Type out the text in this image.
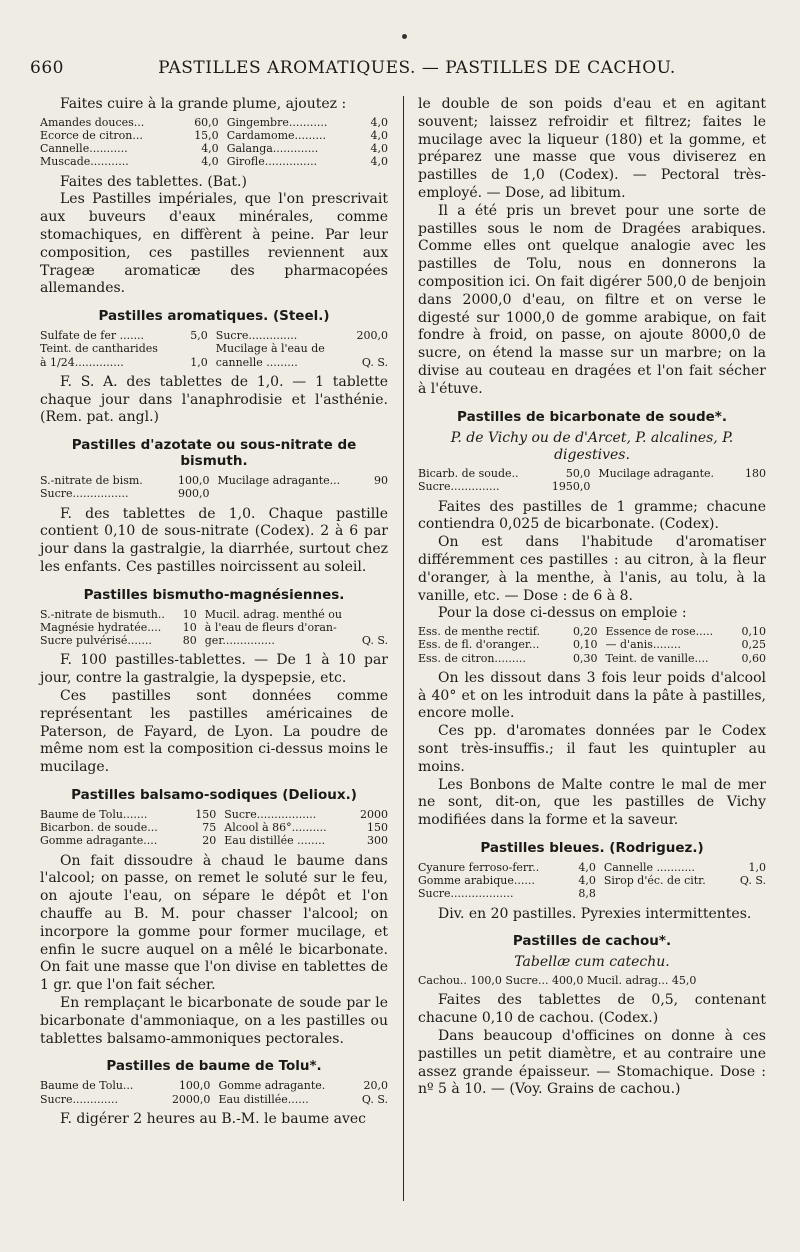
660	PASTILLES AROMATIQUES. — PASTILLES DE CACHOU.

Faites cuire à la grande plume, ajoutez :

Amandes douces...	60,0	Gingembre...........	4,0
Ecorce de citron...	15,0	Cardamome.........	4,0
Cannelle...........	4,0	Galanga.............	4,0
Muscade...........	4,0	Girofle...............	4,0

Faites des tablettes. (Bat.)

Les Pastilles impériales, que l'on prescrivait aux buveurs d'eaux minérales, comme stomachiques, en diffèrent à peine. Par leur composition, ces pastilles reviennent aux Trageæ aromaticæ des pharmacopées allemandes.

Pastilles aromatiques. (Steel.)
Sulfate de fer .......	5,0	Sucre..............	200,0
Teint. de cantharides		Mucilage à l'eau de	
à 1/24..............	1,0	cannelle .........	Q. S.

F. S. A. des tablettes de 1,0. — 1 tablette chaque jour dans l'anaphrodisie et l'asthénie. (Rem. pat. angl.)

Pastilles d'azotate ou sous-nitrate de bismuth.
S.-nitrate de bism.	100,0	Mucilage adragante...	90
Sucre................	900,0		

F. des tablettes de 1,0. Chaque pastille contient 0,10 de sous-nitrate (Codex). 2 à 6 par jour dans la gastralgie, la diarrhée, surtout chez les enfants. Ces pastilles noircissent au soleil.

Pastilles bismutho-magnésiennes.
S.-nitrate de bismuth..	10	Mucil. adrag. menthé ou	
Magnésie hydratée....	10	à l'eau de fleurs d'oran-	
Sucre pulvérisé.......	80	ger...............	Q. S.

F. 100 pastilles-tablettes. — De 1 à 10 par jour, contre la gastralgie, la dyspepsie, etc.

Ces pastilles sont données comme représentant les pastilles américaines de Paterson, de Fayard, de Lyon. La poudre de même nom est la composition ci-dessus moins le mucilage.

Pastilles balsamo-sodiques (Delioux.)
Baume de Tolu.......	150	Sucre.................	2000
Bicarbon. de soude...	75	Alcool à 86°..........	150
Gomme adragante....	20	Eau distillée ........	300

On fait dissoudre à chaud le baume dans l'alcool; on passe, on remet le soluté sur le feu, on ajoute l'eau, on sépare le dépôt et l'on chauffe au B. M. pour chasser l'alcool; on incorpore la gomme pour former mucilage, et enfin le sucre auquel on a mêlé le bicarbonate. On fait une masse que l'on divise en tablettes de 1 gr. que l'on fait sécher.

En remplaçant le bicarbonate de soude par le bicarbonate d'ammoniaque, on a les pastilles ou tablettes balsamo-ammoniques pectorales.

Pastilles de baume de Tolu*.
Baume de Tolu...	100,0	Gomme adragante.	20,0
Sucre.............	2000,0	Eau distillée......	Q. S.

F. digérer 2 heures au B.-M. le baume avec

le double de son poids d'eau et en agitant souvent; laissez refroidir et filtrez; faites le mucilage avec la liqueur (180) et la gomme, et préparez une masse que vous diviserez en pastilles de 1,0 (Codex). — Pectoral très-employé. — Dose, ad libitum.

Il a été pris un brevet pour une sorte de pastilles sous le nom de Dragées arabiques. Comme elles ont quelque analogie avec les pastilles de Tolu, nous en donnerons la composition ici. On fait digérer 500,0 de benjoin dans 2000,0 d'eau, on filtre et on verse le digesté sur 1000,0 de gomme arabique, on fait fondre à froid, on passe, on ajoute 8000,0 de sucre, on étend la masse sur un marbre; on la divise au couteau en dragées et l'on fait sécher à l'étuve.

Pastilles de bicarbonate de soude*.
P. de Vichy ou de d'Arcet, P. alcalines, P. digestives.
Bicarb. de soude..	50,0	Mucilage adragante.	180
Sucre..............	1950,0		

Faites des pastilles de 1 gramme; chacune contiendra 0,025 de bicarbonate. (Codex).

On est dans l'habitude d'aromatiser différemment ces pastilles : au citron, à la fleur d'oranger, à la menthe, à l'anis, au tolu, à la vanille, etc. — Dose : de 6 à 8.

Pour la dose ci-dessus on emploie :

Ess. de menthe rectif.	0,20	Essence de rose.....	0,10
Ess. de fl. d'oranger...	0,10	— d'anis........	0,25
Ess. de citron.........	0,30	Teint. de vanille....	0,60

On les dissout dans 3 fois leur poids d'alcool à 40° et on les introduit dans la pâte à pastilles, encore molle.

Ces pp. d'aromates données par le Codex sont très-insuffis.; il faut les quintupler au moins.

Les Bonbons de Malte contre le mal de mer ne sont, dit-on, que les pastilles de Vichy modifiées dans la forme et la saveur.

Pastilles bleues. (Rodriguez.)
Cyanure ferroso-ferr..	4,0	Cannelle ...........	1,0
Gomme arabique......	4,0	Sirop d'éc. de citr.	Q. S.
Sucre..................	8,8		

Div. en 20 pastilles. Pyrexies intermittentes.

Pastilles de cachou*.
Tabellæ cum catechu.
Cachou.. 100,0 Sucre... 400,0 Mucil. adrag... 45,0

Faites des tablettes de 0,5, contenant chacune 0,10 de cachou. (Codex.)

Dans beaucoup d'officines on donne à ces pastilles un petit diamètre, et au contraire une assez grande épaisseur. — Stomachique. Dose : nº 5 à 10. — (Voy. Grains de cachou.)
